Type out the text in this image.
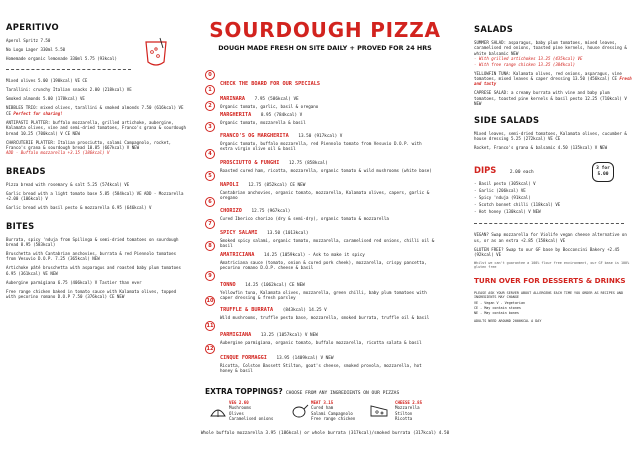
APERITIVO

Aperol Spritz 7.50

No Logo Lager 330ml 5.50

Homemade organic lemonade 330ml 5.75 (93kcal)

Mixed olives 5.00 (190kcal) VE CE

Tarallini: crunchy Italian snacks 2.00 (218kcal) VE

Smoked almonds 5.00 (178kcal) VE

NIBBLES TRIO: mixed olives, tarallini & smoked almonds 7.50 (616kcal) VE CE Perfect for sharing!

ANTIPASTI PLATTER: buffalo mozzarella, grilled artichoke, aubergine, Kalamata olives, vine and semi-dried tomatoes, Franco's grana & sourdough bread 10.25 (700kcal) V CE NEW

CHARCUTERIE PLATTER: Italian prosciutto, salami Campagnolo, rocket, Franco's grana & sourdough bread 10.85 (667kcal) V NEW

ADD - Buffalo mozzarella +3.15 (186kcal) V

BREADS

Pizza bread with rosemary & salt 5.25 (574kcal) VE

Garlic bread with a light tomato base 5.85 (584kcal) VE ADD - Mozzarella +2.00 (106kcal) V

Garlic bread with basil pesto & mozzarella 6.95 (646kcal) V

BITES

Burrata, spicy 'nduja from Spilinga & semi-dried tomatoes on sourdough bread 8.95 (583kcal)

Bruschetta with Cantabrian anchovies, burrata & red Piennolo tomatoes from Vesuvio D.O.P. 7.25 (365kcal) NEW

Artichoke pâté bruschetta with asparagus and roasted baby plum tomatoes 6.95 (361kcal) VE NEW

Aubergine parmigiana 6.75 (406kcal) V Tastier than ever

Free range chicken baked in tomato sauce with Kalamata olives, topped with pecorino romano D.O.P 7.50 (376kcal) CE NEW

SOURDOUGH PIZZA
DOUGH MADE FRESH ON SITE DAILY + PROVED FOR 24 HRS
0
CHECK THE BOARD FOR OUR SPECIALS
1
MARINARA 7.95 (586kcal) VE
Organic tomato, garlic, basil & oregano
2
MARGHERITA 8.95 (784kcal) V
Organic tomato, mozzarella & basil
3
FRANCO'S OG MARGHERITA 13.50 (917kcal) V
Organic tomato, buffalo mozzarella, red Piennolo tomato from Vesuvio D.O.P. with extra virgin olive oil & basil
4
PROSCIUTTO & FUNGHI 12.75 (858kcal)
Roasted cured ham, ricotta, mozzarella, organic tomato & wild mushrooms (white base)
5
NAPOLI 12.75 (852kcal) CE NEW
Cantabrian anchovies, organic tomato, mozzarella, Kalamata olives, capers, garlic & oregano
6
CHORIZO 12.75 (967kcal)
Cured Iberico chorizo (dry & semi-dry), organic tomato & mozzarella
7
SPICY SALAMI 13.50 (1013kcal)
Smoked spicy salami, organic tomato, mozzarella, caramelised red onions, chilli oil & basil
8
AMATRICIANA 14.25 (1059kcal) - Ask to make it spicy
Amatriciana sauce (tomato, onion & cured pork cheek), mozzarella, crispy pancetta, pecorino romano D.O.P. cheese & basil
9
TONNO 14.25 (1062kcal) CE NEW
Yellowfin tuna, Kalamata olives, mozzarella, green chilli, baby plum tomatoes with caper dressing & fresh parsley
10
TRUFFLE & BURRATA (843kcal) 14.25 V
Wild mushrooms, truffle pesto base, mozzarella, smoked burrata, truffle oil & basil
11
PARMIGIANA 13.25 (1057kcal) V NEW
Aubergine parmigiana, organic tomato, buffalo mozzarella, ricotta salata & basil
12
CINQUE FORMAGGI 13.95 (1409kcal) V NEW
Ricotta, Colston Bassett Stilton, goat's cheese, smoked provola, mozzarella, hot honey & basil
EXTRA TOPPINGS? CHOOSE FROM ANY INGREDIENTS ON OUR PIZZAS
VEG 2.60
Mushrooms
Olives
Caramelised onions
MEAT 3.15
Cured ham
Salami Campagnolo
Free range chicken
CHEESE 2.85
Mozzarella
Stilton
Ricotta
Whole buffalo mozzarella 3.95 (186kcal) or whole burrata (317kcal)/smoked burrata (317kcal) 4.50

SALADS

SUMMER SALAD: asparagus, baby plum tomatoes, mixed leaves, caramelised red onions, toasted pine kernels, house dressing & white balsamic NEW

- With grilled artichokes 13.25 (435kcal) VE

- With free range chicken 13.25 (384kcal)

YELLOWFIN TUNA: Kalamata olives, red onions, asparagus, vine tomatoes, mixed leaves & caper dressing 13.50 (456kcal) CE Fresh and tasty

CAPRESE SALAD: a creamy burrata with vine and baby plum tomatoes, toasted pine kernels & basil pesto 12.25 (710kcal) V NEW

SIDE SALADS

Mixed leaves, semi-dried tomatoes, Kalamata olives, cucumber & house dressing 5.25 (272kcal) VE CE

Rocket, Franco's grana & balsamic 4.50 (135kcal) V NEW

DIPS	2.00 each
3 for 5.00

- Basil pesto (305kcal) V

- Garlic (206kcal) VE

- Spicy 'nduja (91kcal)

- Scotch bonnet chilli (118kcal) VE

- Hot honey (130kcal) V NEW

VEGAN? Swap mozzarella for Violife vegan cheese alternative on us, or as an extra +2.85 (158kcal) VE

GLUTEN FREE? Swap to our GF base by Bocconcini Bakery +2.45 (92kcal) VE

Whilst we can't guarantee a 100% flour free environment, our GF base is 100% gluten free

TURN OVER FOR DESSERTS & DRINKS

PLEASE ASK YOUR SERVER ABOUT ALLERGENS EACH TIME YOU ORDER AS RECIPES AND INGREDIENTS MAY CHANGE

VE - Vegan V - Vegetarian

CE - May contain stones

NE - May contain bones

ADULTS NEED AROUND 2000KCAL A DAY
